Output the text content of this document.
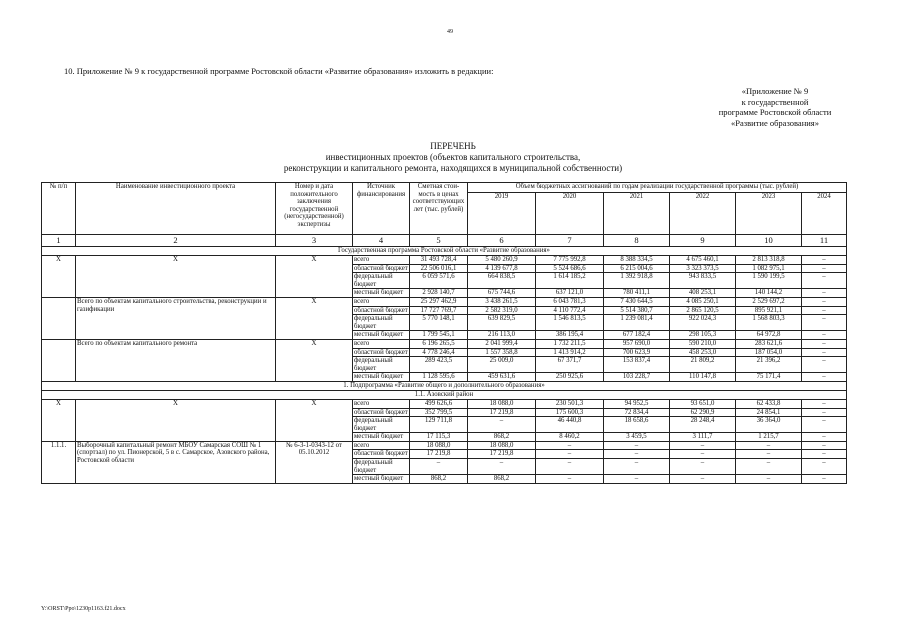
49
10. Приложение № 9 к государственной программе Ростовской области «Развитие образования» изложить в редакции:
«Приложение № 9
к государственной
программе Ростовской области
«Развитие образования»
ПЕРЕЧЕНЬ
инвестиционных проектов (объектов капитального строительства,
реконструкции и капитального ремонта, находящихся в муниципальной собственности)
№ п/п	Наименование инвестиционного проекта	Номер и дата положительного заключения государственной (негосударственной) экспертизы	Источник финансирования	Сметная стои-мость в ценах соответствующих лет (тыс. рублей)	Объем бюджетных ассигнований по годам реализации государственной программы (тыс. рублей)					
					2019	2020	2021	2022	2023	2024
1	2	3	4	5	6	7	8	9	10	11
Государственная программа Ростовской области «Развитие образования»										
Х	Х	Х	всего	31 493 728,4	5 480 260,9	7 775 992,8	8 388 334,5	4 675 460,1	2 813 318,8	–
			областной бюджет	22 506 016,1	4 139 677,8	5 524 686,6	6 215 004,6	3 323 373,5	1 082 975,1	–
			федеральный бюджет	6 059 571,6	664 838,5	1 614 185,2	1 392 918,8	943 833,5	1 590 199,5	–
			местный бюджет	2 928 140,7	675 744,6	637 121,0	780 411,1	408 253,1	140 144,2	–
	Всего по объектам капитального строительства, реконструкции и газификации	Х	всего	25 297 462,9	3 438 261,5	6 043 781,3	7 430 644,5	4 085 250,1	2 529 697,2	–
			областной бюджет	17 727 769,7	2 582 319,0	4 110 772,4	5 514 380,7	2 865 120,5	895 921,1	–
			федеральный бюджет	5 770 148,1	639 829,5	1 546 813,5	1 239 081,4	922 024,3	1 568 803,3	–
			местный бюджет	1 799 545,1	216 113,0	386 195,4	677 182,4	298 105,3	64 972,8	–
	Всего по объектам капитального ремонта	Х	всего	6 196 265,5	2 041 999,4	1 732 211,5	957 690,0	590 210,0	283 621,6	–
			областной бюджет	4 778 246,4	1 557 358,8	1 413 914,2	700 623,9	458 253,0	187 054,0	–
			федеральный бюджет	289 423,5	25 009,0	67 371,7	153 837,4	21 809,2	21 396,2	–
			местный бюджет	1 128 595,6	459 631,6	250 925,6	103 228,7	110 147,8	75 171,4	–
1. Подпрограмма «Развитие общего и дополнительного образования»										
1.1. Азовский район										
Х	Х	Х	всего	499 626,6	18 088,0	230 501,3	94 952,5	93 651,0	62 433,8	–
			областной бюджет	352 799,5	17 219,8	175 600,3	72 834,4	62 290,9	24 854,1	–
			федеральный бюджет	129 711,8	–	46 440,8	18 658,6	28 248,4	36 364,0	–
			местный бюджет	17 115,3	868,2	8 460,2	3 459,5	3 111,7	1 215,7	–
1.1.1.	Выборочный капитальный ремонт МБОУ Самарская СОШ № 1 (спортзал) по ул. Пионерской, 5 в с. Самарское, Азовского района, Ростовской области	№ 6-3-1-0343-12 от 05.10.2012	всего	18 088,0	18 088,0	–	–	–	–	–
			областной бюджет	17 219,8	17 219,8	–	–	–	–	–
			федеральный бюджет	–	–	–	–	–	–	–
			местный бюджет	868,2	868,2	–	–	–	–	–
Y:\ORST\Ppo\1230p1163.f21.docx
